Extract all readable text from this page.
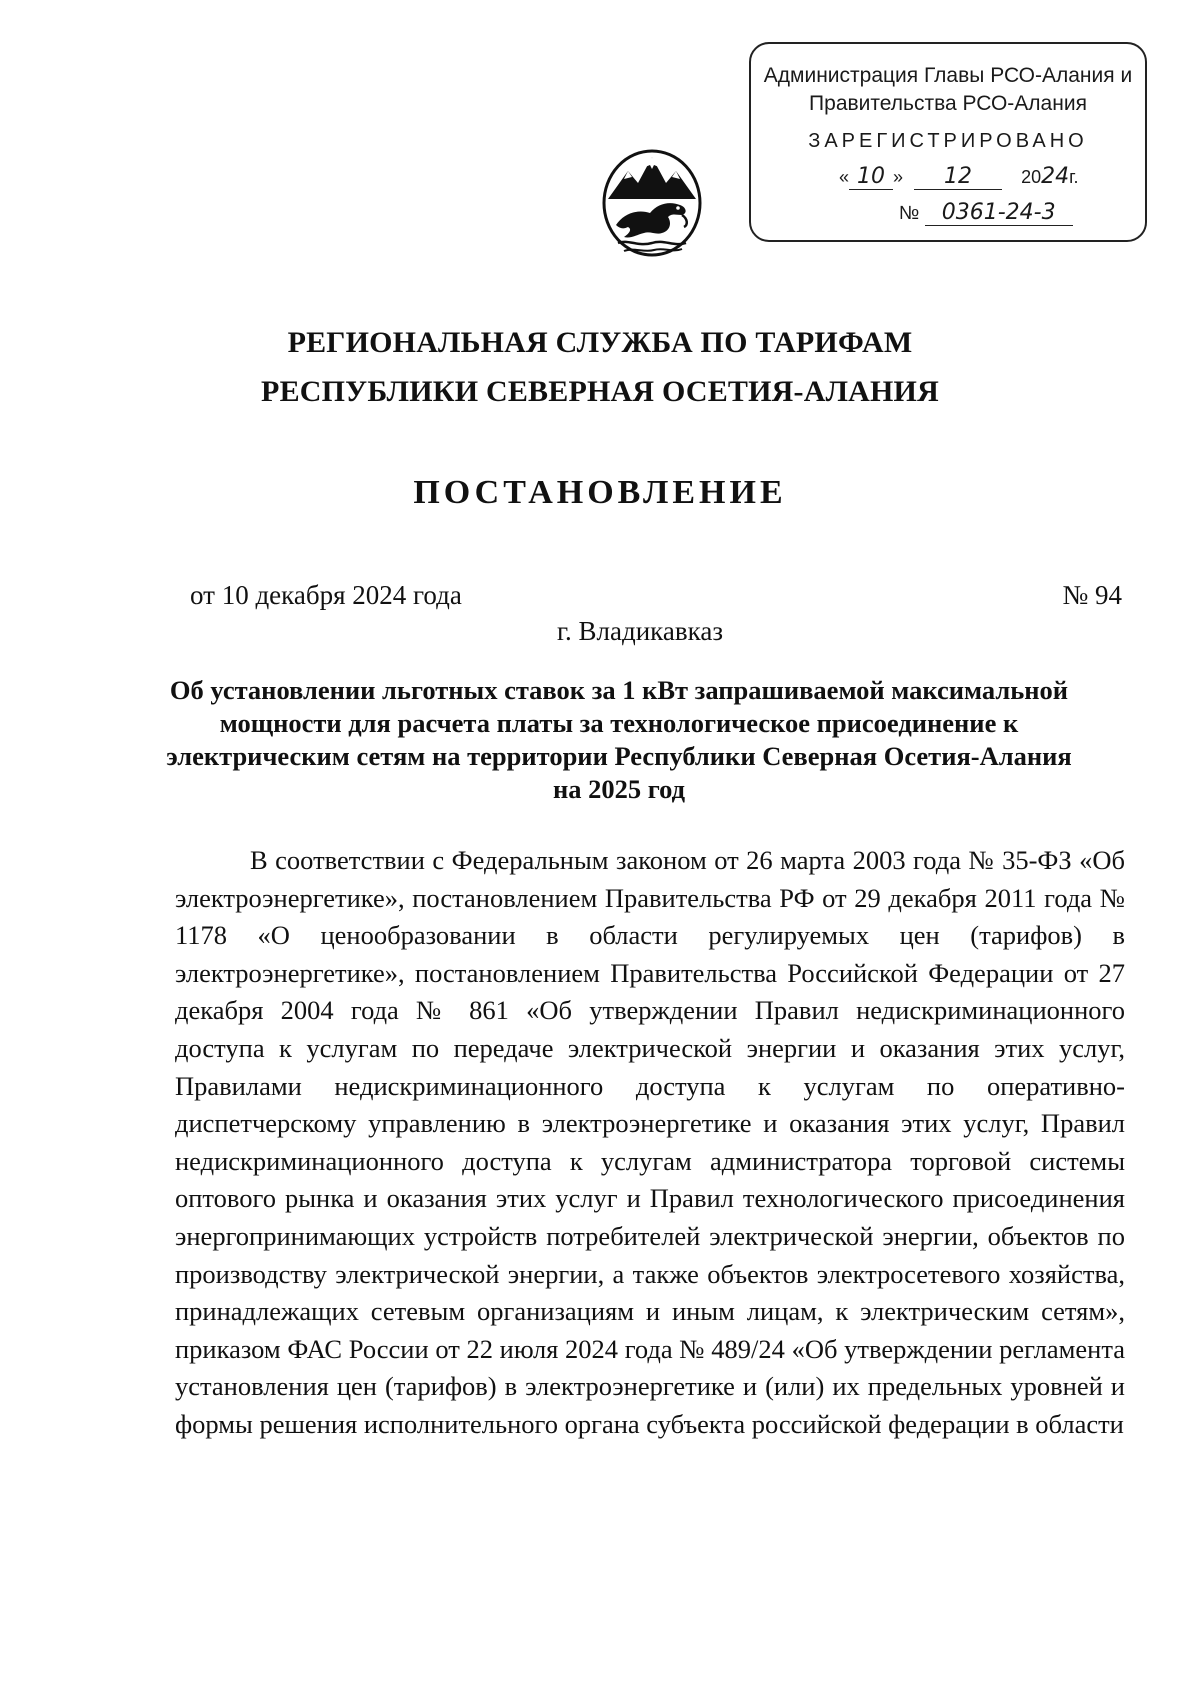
Администрация Главы РСО-Алания и
Правительства РСО-Алания
ЗАРЕГИСТРИРОВАНО
« 10 » 12	2024г.
№ 0361-24-3
РЕГИОНАЛЬНАЯ СЛУЖБА ПО ТАРИФАМ
РЕСПУБЛИКИ СЕВЕРНАЯ ОСЕТИЯ-АЛАНИЯ
ПОСТАНОВЛЕНИЕ
от 10 декабря 2024 года	№ 94
г. Владикавказ
Об установлении льготных ставок за 1 кВт запрашиваемой максимальной мощности для расчета платы за технологическое присоединение к электрическим сетям на территории Республики Северная Осетия-Алания на 2025 год

В соответствии с Федеральным законом от 26 марта 2003 года № 35-ФЗ «Об электроэнергетике», постановлением Правительства РФ от 29 декабря 2011 года № 1178 «О ценообразовании в области регулируемых цен (тарифов) в электроэнергетике», постановлением Правительства Российской Федерации от 27 декабря 2004 года № 861 «Об утверждении Правил недискриминационного доступа к услугам по передаче электрической энергии и оказания этих услуг, Правилами недискриминационного доступа к услугам по оперативно-диспетчерскому управлению в электроэнергетике и оказания этих услуг, Правил недискриминационного доступа к услугам администратора торговой системы оптового рынка и оказания этих услуг и Правил технологического присоединения энергопринимающих устройств потребителей электрической энергии, объектов по производству электрической энергии, а также объектов электросетевого хозяйства, принадлежащих сетевым организациям и иным лицам, к электрическим сетям», приказом ФАС России от 22 июля 2024 года № 489/24 «Об утверждении регламента установления цен (тарифов) в электроэнергетике и (или) их предельных уровней и формы решения исполнительного органа субъекта российской федерации в области
